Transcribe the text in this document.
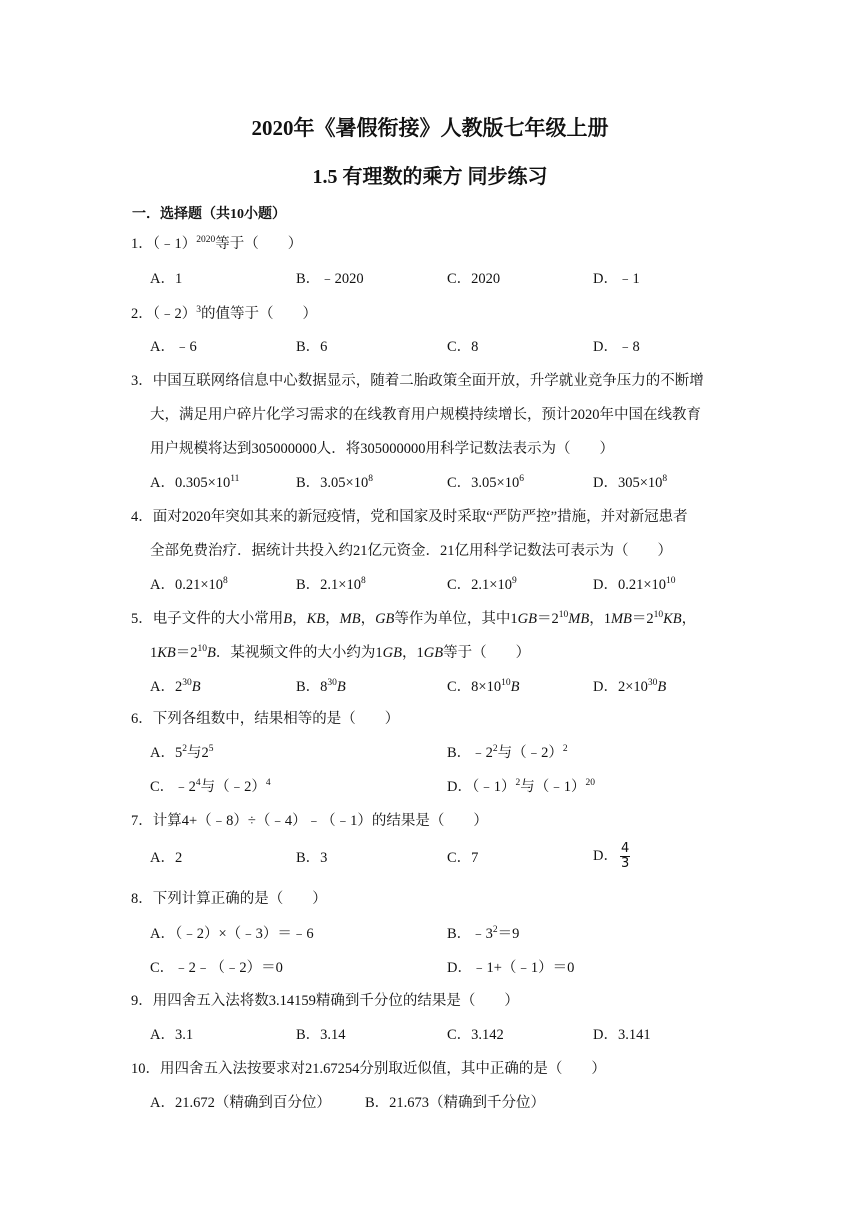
2020年《暑假衔接》人教版七年级上册
1.5 有理数的乘方 同步练习
一．选择题（共10小题）
1．（﹣1）$^{2020}$等于（　　）
A．1	B．﹣2020	C．2020	D．﹣1
2．（﹣2）$^3$的值等于（　　）
A．﹣6	B．6	C．8	D．﹣8
3．中国互联网络信息中心数据显示，随着二胎政策全面开放，升学就业竞争压力的不断增
大，满足用户碎片化学习需求的在线教育用户规模持续增长，预计2020年中国在线教育
用户规模将达到305000000人．将305000000用科学记数法表示为（　　）
A．$0.305\times 10^{11}$	B．$3.05\times 10^8$	C．$3.05\times 10^6$	D．$305\times 10^8$
4．面对2020年突如其来的新冠疫情，党和国家及时采取“严防严控”措施，并对新冠患者
全部免费治疗．据统计共投入约21亿元资金．21亿用科学记数法可表示为（　　）
A．$0.21\times 10^8$	B．$2.1\times 10^8$	C．$2.1\times 10^9$	D．$0.21\times 10^{10}$
5．电子文件的大小常用B，KB，MB，GB等作为单位，其中$1GB=2^{10}MB$，$1MB=2^{10}KB$，
$1KB=2^{10}B$．某视频文件的大小约为1GB，1GB等于（　　）
A．$2^{30}B$	B．$8^{30}B$	C．$8\times 10^{10}B$	D．$2\times 10^{30}B$
6．下列各组数中，结果相等的是（　　）
A．$5^2$与$2^5$	B．$﹣2^2$与（﹣2）$^2$
C．$﹣2^4$与（﹣2）$^4$	D．（﹣1）$^2$与（﹣1）$^{20}$
7．计算4+（﹣8）÷（﹣4）﹣（﹣1）的结果是（　　）
A．2	B．3	C．7	D． $\frac{4}{3}$
8．下列计算正确的是（　　）
A．（﹣2）×（﹣3）＝﹣6	B．$﹣3^2=9$
C．﹣2﹣（﹣2）＝0	D．﹣1+（﹣1）＝0
9．用四舍五入法将数3.14159精确到千分位的结果是（　　）
A．3.1	B．3.14	C．3.142	D．3.141
10．用四舍五入法按要求对21.67254分别取近似值，其中正确的是（　　）
A．21.672（精确到百分位） B．21.673（精确到千分位）
